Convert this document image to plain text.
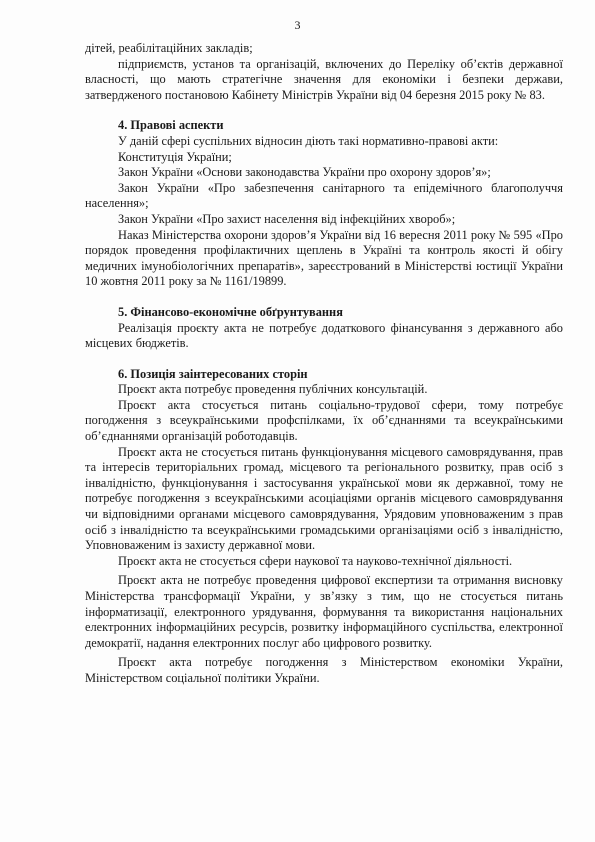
3

дітей, реабілітаційних закладів;

підприємств, установ та організацій, включених до Переліку об’єктів державної власності, що мають стратегічне значення для економіки і безпеки держави, затвердженого постановою Кабінету Міністрів України від 04 березня 2015 року № 83.

4. Правові аспекти

У даній сфері суспільних відносин діють такі нормативно-правові акти:

Конституція України;

Закон України «Основи законодавства України про охорону здоров’я»;

Закон України «Про забезпечення санітарного та епідемічного благополуччя населення»;

Закон України «Про захист населення від інфекційних хвороб»;

Наказ Міністерства охорони здоров’я України від 16 вересня 2011 року № 595 «Про порядок проведення профілактичних щеплень в Україні та контроль якості й обігу медичних імунобіологічних препаратів», зареєстрований в Міністерстві юстиції України 10 жовтня 2011 року за № 1161/19899.

5. Фінансово-економічне обґрунтування

Реалізація проєкту акта не потребує додаткового фінансування з державного або місцевих бюджетів.

6. Позиція заінтересованих сторін

Проєкт акта потребує проведення публічних консультацій.

Проєкт акта стосується питань соціально-трудової сфери, тому потребує погодження з всеукраїнськими профспілками, їх об’єднаннями та всеукраїнськими об’єднаннями організацій роботодавців.

Проєкт акта не стосується питань функціонування місцевого самоврядування, прав та інтересів територіальних громад, місцевого та регіонального розвитку, прав осіб з інвалідністю, функціонування і застосування української мови як державної, тому не потребує погодження з всеукраїнськими асоціаціями органів місцевого самоврядування чи відповідними органами місцевого самоврядування, Урядовим уповноваженим з прав осіб з інвалідністю та всеукраїнськими громадськими організаціями осіб з інвалідністю, Уповноваженим із захисту державної мови.

Проєкт акта не стосується сфери наукової та науково-технічної діяльності.

Проєкт акта не потребує проведення цифрової експертизи та отримання висновку Міністерства трансформації України, у зв’язку з тим, що не стосується питань інформатизації, електронного урядування, формування та використання національних електронних інформаційних ресурсів, розвитку інформаційного суспільства, електронної демократії, надання електронних послуг або цифрового розвитку.

Проєкт акта потребує погодження з Міністерством економіки України, Міністерством соціальної політики України.
